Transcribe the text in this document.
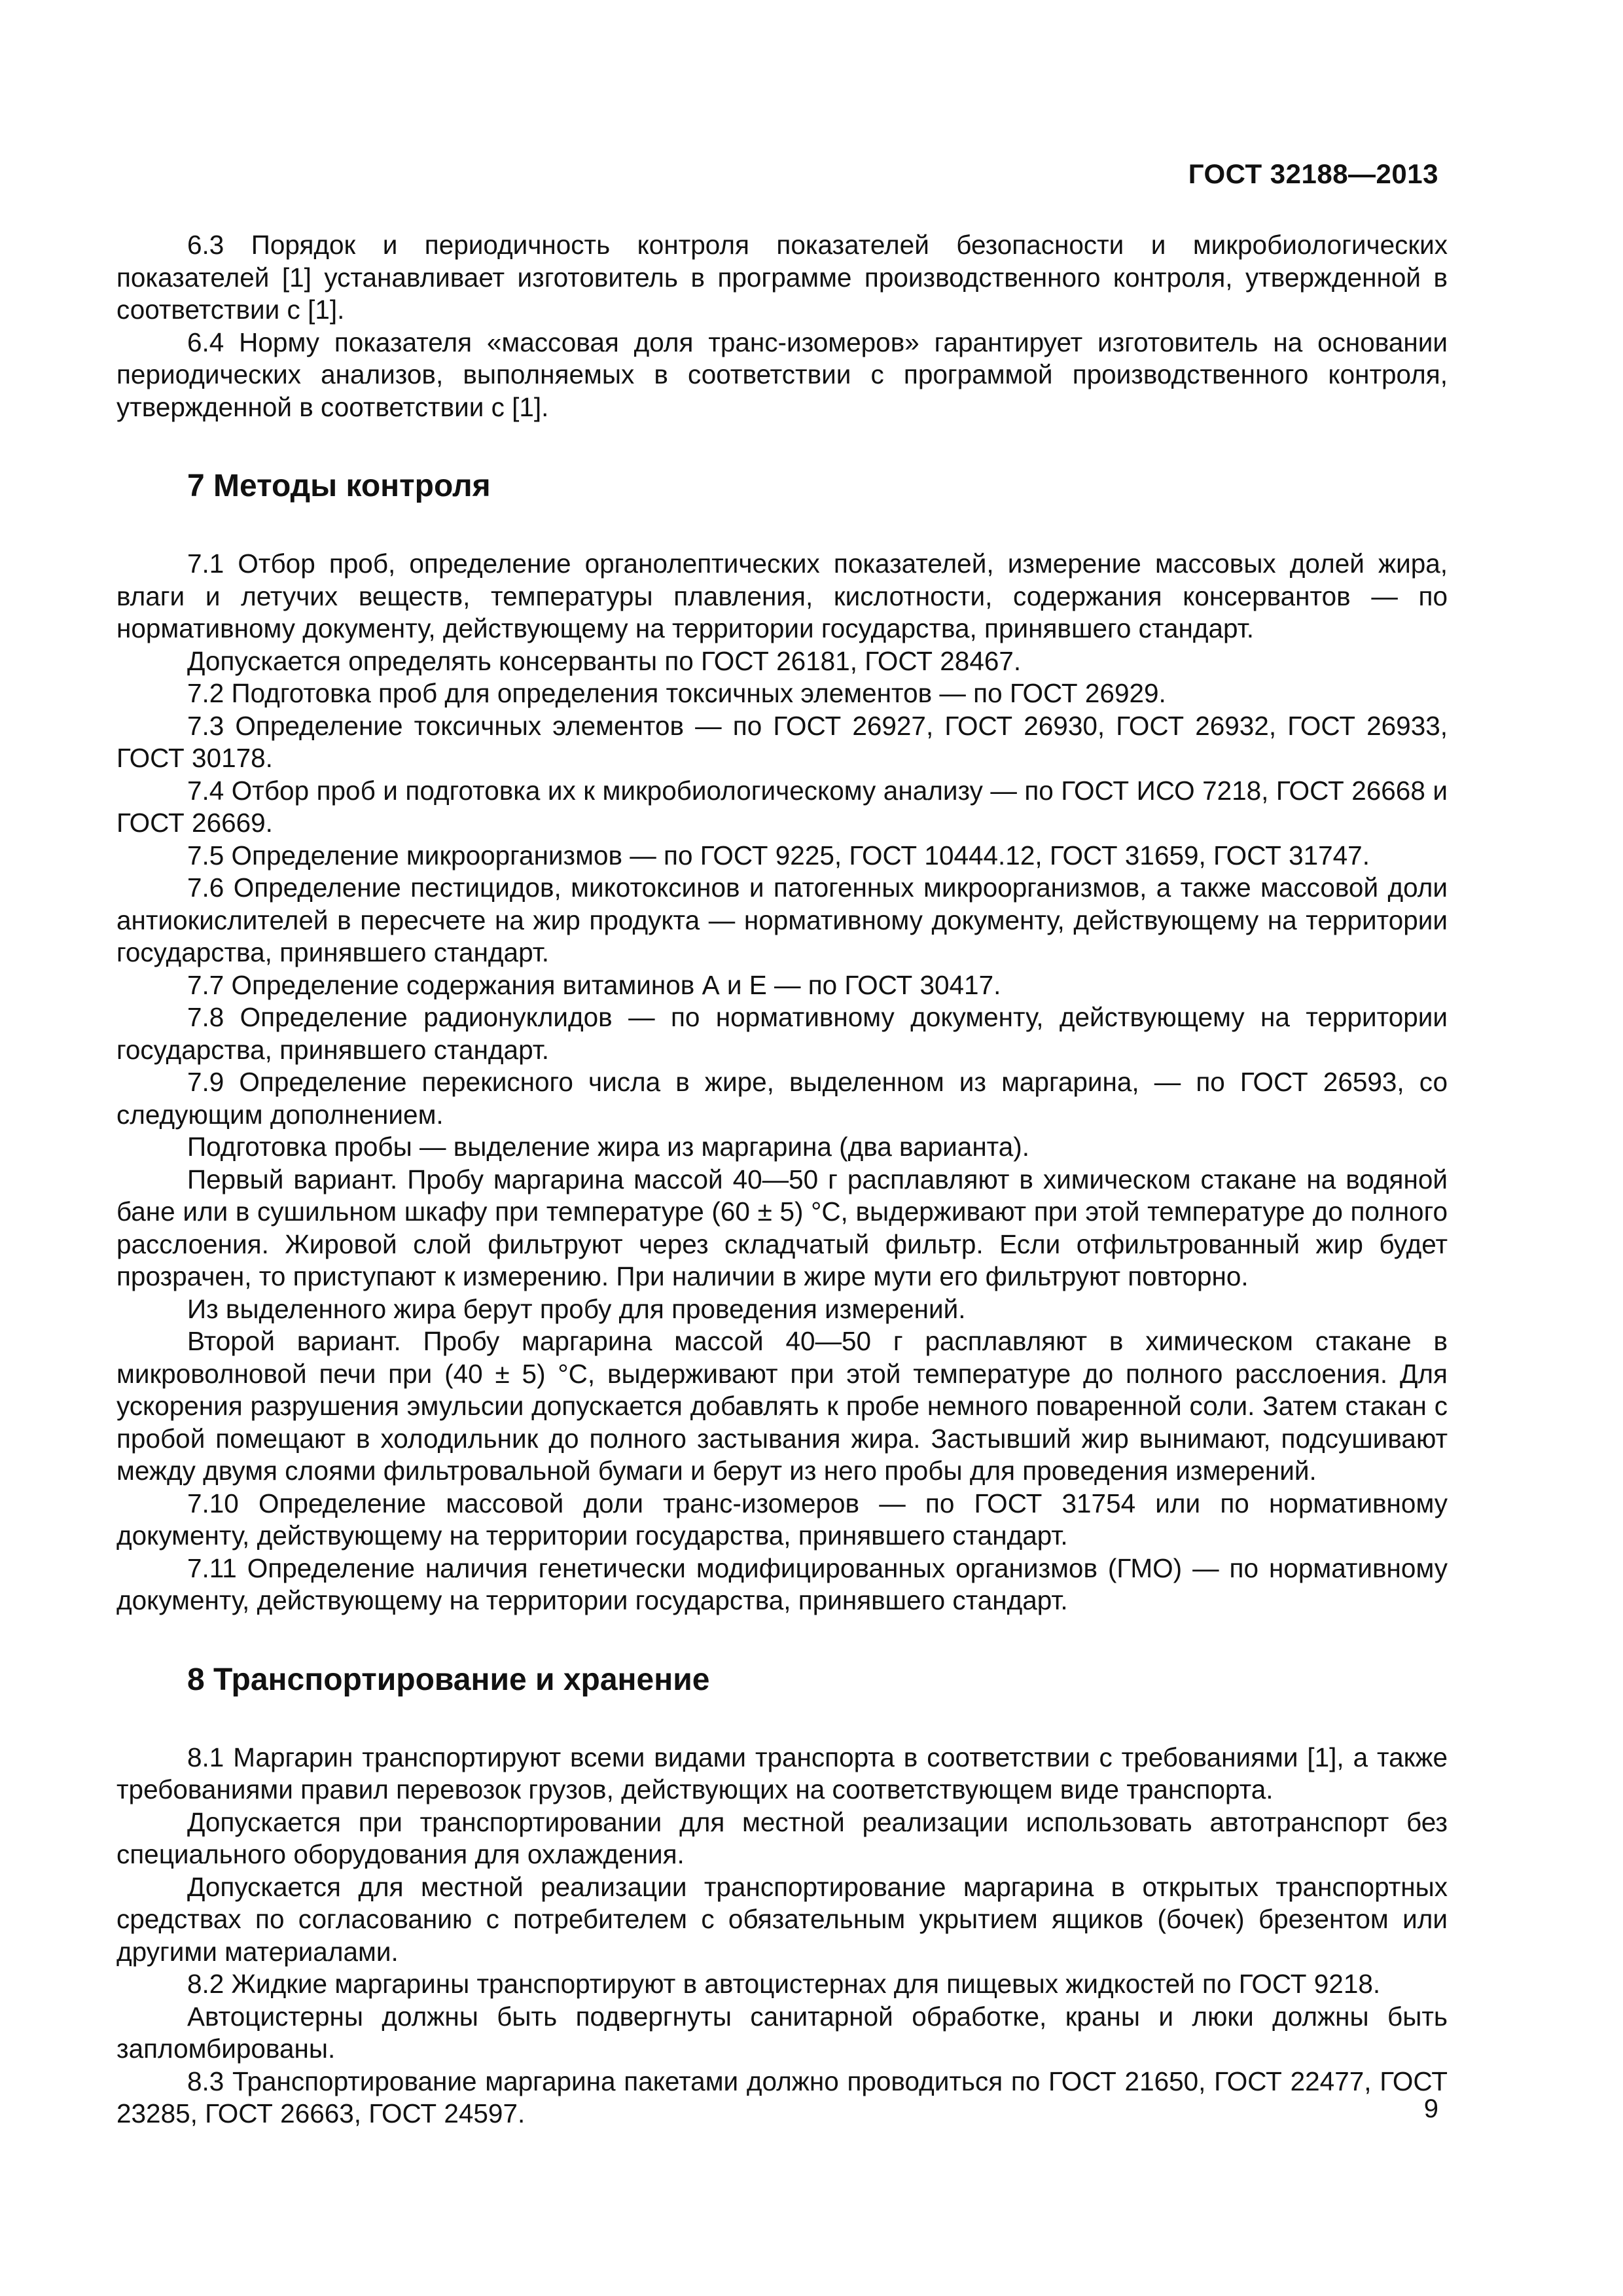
ГОСТ 32188—2013

6.3 Порядок и периодичность контроля показателей безопасности и микробиологических показателей [1] устанавливает изготовитель в программе производственного контроля, утвержденной в соответствии с [1].

6.4 Норму показателя «массовая доля транс-изомеров» гарантирует изготовитель на основании периодических анализов, выполняемых в соответствии с программой производственного контроля, утвержденной в соответствии с [1].

7 Методы контроля

7.1 Отбор проб, определение органолептических показателей, измерение массовых долей жира, влаги и летучих веществ, температуры плавления, кислотности, содержания консервантов — по нормативному документу, действующему на территории государства, принявшего стандарт.

Допускается определять консерванты по ГОСТ 26181, ГОСТ 28467.

7.2 Подготовка проб для определения токсичных элементов — по ГОСТ 26929.

7.3 Определение токсичных элементов — по ГОСТ 26927, ГОСТ 26930, ГОСТ 26932, ГОСТ 26933, ГОСТ 30178.

7.4 Отбор проб и подготовка их к микробиологическому анализу — по ГОСТ ИСО 7218, ГОСТ 26668 и ГОСТ 26669.

7.5 Определение микроорганизмов — по ГОСТ 9225, ГОСТ 10444.12, ГОСТ 31659, ГОСТ 31747.

7.6 Определение пестицидов, микотоксинов и патогенных микроорганизмов, а также массовой доли антиокислителей в пересчете на жир продукта — нормативному документу, действующему на территории государства, принявшего стандарт.

7.7 Определение содержания витаминов А и Е — по ГОСТ 30417.

7.8 Определение радионуклидов — по нормативному документу, действующему на территории государства, принявшего стандарт.

7.9 Определение перекисного числа в жире, выделенном из маргарина, — по ГОСТ 26593, со следующим дополнением.

Подготовка пробы — выделение жира из маргарина (два варианта).

Первый вариант. Пробу маргарина массой 40—50 г расплавляют в химическом стакане на водяной бане или в сушильном шкафу при температуре (60 ± 5) °С, выдерживают при этой температуре до полного расслоения. Жировой слой фильтруют через складчатый фильтр. Если отфильтрованный жир будет прозрачен, то приступают к измерению. При наличии в жире мути его фильтруют повторно.

Из выделенного жира берут пробу для проведения измерений.

Второй вариант. Пробу маргарина массой 40—50 г расплавляют в химическом стакане в микроволновой печи при (40 ± 5) °С, выдерживают при этой температуре до полного расслоения. Для ускорения разрушения эмульсии допускается добавлять к пробе немного поваренной соли. Затем стакан с пробой помещают в холодильник до полного застывания жира. Застывший жир вынимают, подсушивают между двумя слоями фильтровальной бумаги и берут из него пробы для проведения измерений.

7.10 Определение массовой доли транс-изомеров — по ГОСТ 31754 или по нормативному документу, действующему на территории государства, принявшего стандарт.

7.11 Определение наличия генетически модифицированных организмов (ГМО) — по нормативному документу, действующему на территории государства, принявшего стандарт.

8 Транспортирование и хранение

8.1 Маргарин транспортируют всеми видами транспорта в соответствии с требованиями [1], а также требованиями правил перевозок грузов, действующих на соответствующем виде транспорта.

Допускается при транспортировании для местной реализации использовать автотранспорт без специального оборудования для охлаждения.

Допускается для местной реализации транспортирование маргарина в открытых транспортных средствах по согласованию с потребителем с обязательным укрытием ящиков (бочек) брезентом или другими материалами.

8.2 Жидкие маргарины транспортируют в автоцистернах для пищевых жидкостей по ГОСТ 9218.

Автоцистерны должны быть подвергнуты санитарной обработке, краны и люки должны быть запломбированы.

8.3 Транспортирование маргарина пакетами должно проводиться по ГОСТ 21650, ГОСТ 22477, ГОСТ 23285, ГОСТ 26663, ГОСТ 24597.	9
